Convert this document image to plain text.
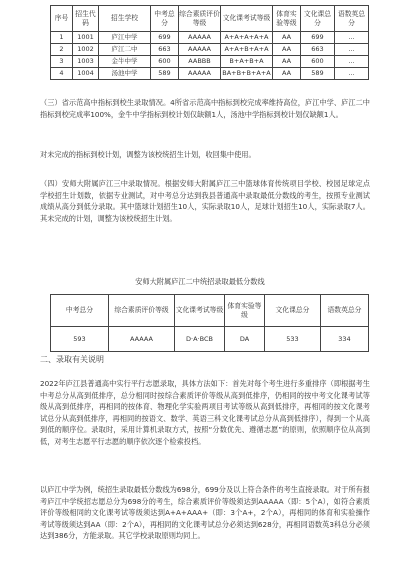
序号	招生代码	招生学校	中考总分	综合素质评价等级	文化课考试等级	体育实验等级	文化课总分	语数英总分
1	1001	庐江中学	699	AAAAA	A+A+A+A+A	AA	699	…
2	1002	庐江二中	663	AAAAA	A+A+B+A+A	AA	663	…
3	1003	金牛中学	600	AABBB	B+A+B+A	AA	600	…
4	1004	汤池中学	589	AAAAA	BA+B+B+A+A	AA	589	…

（三）省示范高中指标到校生录取情况。4所省示范高中指标到校完成率维持高位，庐江中学、庐江二中指标到校完成率100%，金牛中学指标到校计划仅缺额1人，汤池中学指标到校计划仅缺额1人。

对未完成的指标到校计划，调整为该校统招生计划，收回集中使用。

（四）安师大附属庐江三中录取情况。根据安师大附属庐江三中篮球体育传统项目学校、校园足球定点学校招生计划数，依据专业测试，对中考总分达到我县普通高中录取最低分数线的考生，按照专业测试成绩从高分到低分录取。其中篮球计划招生10人，实际录取10人，足球计划招生10人，实际录取7人。其未完成的计划，调整为该校统招生计划。

安师大附属庐江二中统招录取最低分数线
中考总分	综合素质评价等级	文化课考试等级	体育实验等级	文化课总分	语数英总分
593	AAAAA	D·A·BCB	DA	533	334
二、录取有关说明

2022年庐江县普通高中实行平行志愿录取，具体方法如下：首先对每个考生进行多重排序（即根据考生中考总分从高到低排序，总分相同时按综合素质评价等级从高到低排序，仍相同的按中考文化课考试等级从高到低排序，再相同的按体育、物理化学实验两项目考试等级从高到低排序，再相同的按文化课考试总分从高到低排序，再相同的按语文、数学、英语三科文化课考试总分从高到低排序），得到一个从高到低的顺序位。录取时，采用计算机录取方式，按照“分数优先、遵循志愿”的原则，依照顺序位从高到低，对考生志愿平行志愿的顺序依次逐个检索投档。

以庐江中学为例，统招生录取最低分数线为698分，699分及以上符合条件的考生直接录取。对于所有报考庐江中学统招志愿总分为698分的考生，综合素质评价等级须达到AAAAA（即：5个A），如符合素质评价等级相同的文化课考试等级须达到A+A+AAA+（即：3个A+，2个A），再相同的体育和实验操作考试等级须达到AA（即：2个A），再相同的文化课考试总分必须达到628分，再相同语数英3科总分必须达到386分，方能录取。其它学校录取原则均同上。
